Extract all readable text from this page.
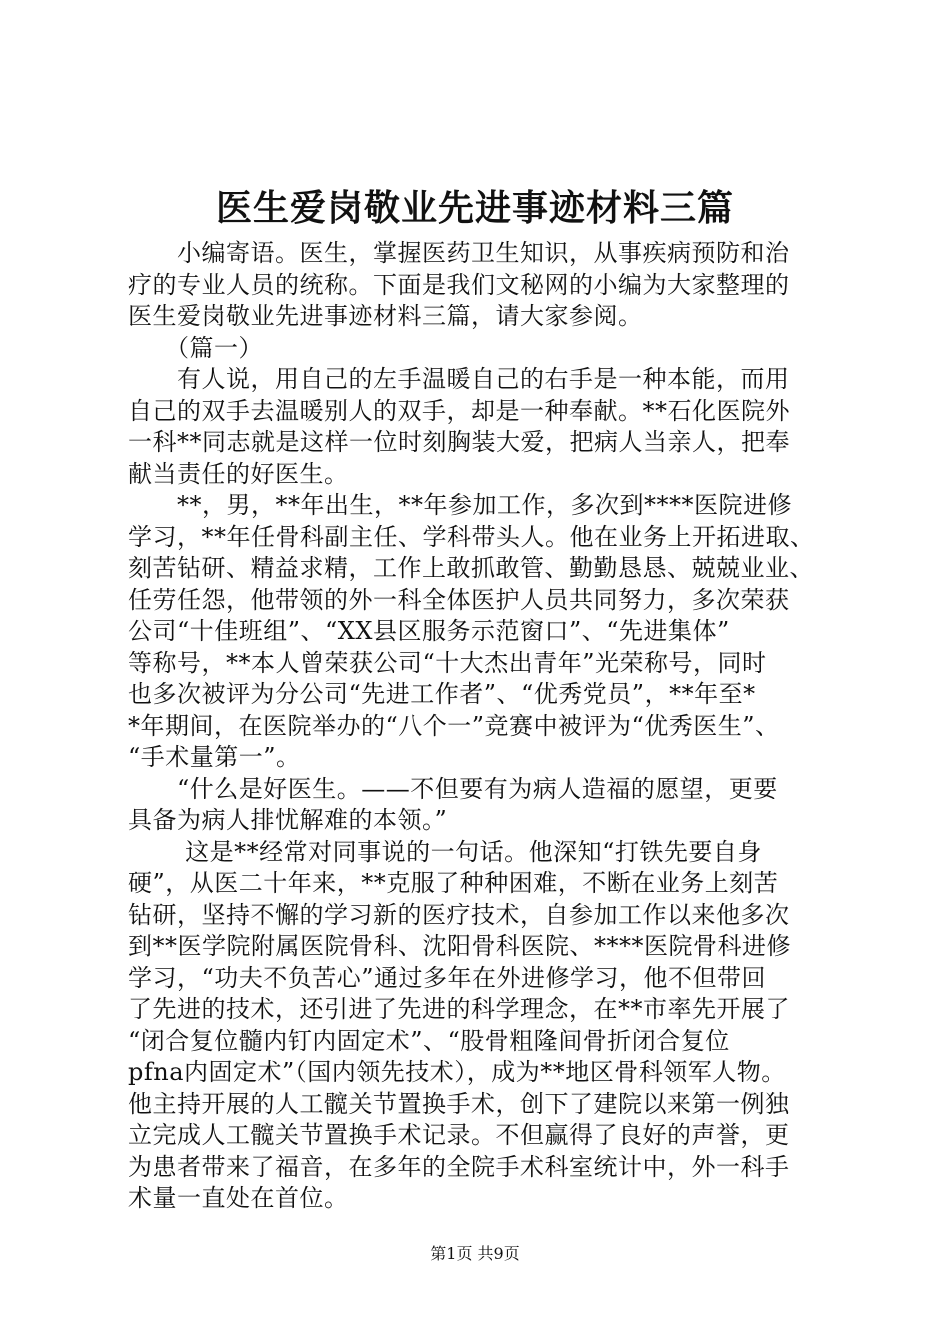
医生爱岗敬业先进事迹材料三篇
　　小编寄语。医生，掌握医药卫生知识，从事疾病预防和治
疗的专业人员的统称。下面是我们文秘网的小编为大家整理的
医生爱岗敬业先进事迹材料三篇，请大家参阅。
　　（篇一）
　　有人说，用自己的左手温暖自己的右手是一种本能，而用
自己的双手去温暖别人的双手，却是一种奉献。**石化医院外
一科**同志就是这样一位时刻胸装大爱，把病人当亲人，把奉
献当责任的好医生。
　　**，男，**年出生，**年参加工作，多次到****医院进修
学习，**年任骨科副主任、学科带头人。他在业务上开拓进取、
刻苦钻研、精益求精，工作上敢抓敢管、勤勤恳恳、兢兢业业、
任劳任怨，他带领的外一科全体医护人员共同努力，多次荣获
公司“十佳班组”、“XX县区服务示范窗口”、“先进集体”
等称号，**本人曾荣获公司“十大杰出青年”光荣称号，同时
也多次被评为分公司“先进工作者”、“优秀党员”，**年至*
*年期间，在医院举办的“八个一”竞赛中被评为“优秀医生”、
“手术量第一”。
　　“什么是好医生。——不但要有为病人造福的愿望，更要
具备为病人排忧解难的本领。”
　　 这是**经常对同事说的一句话。他深知“打铁先要自身
硬”，从医二十年来，**克服了种种困难，不断在业务上刻苦
钻研，坚持不懈的学习新的医疗技术，自参加工作以来他多次
到**医学院附属医院骨科、沈阳骨科医院、****医院骨科进修
学习，“功夫不负苦心”通过多年在外进修学习，他不但带回
了先进的技术，还引进了先进的科学理念，在**市率先开展了
“闭合复位髓内钉内固定术”、“股骨粗隆间骨折闭合复位
pfna内固定术”（国内领先技术），成为**地区骨科领军人物。
他主持开展的人工髋关节置换手术，创下了建院以来第一例独
立完成人工髋关节置换手术记录。不但赢得了良好的声誉，更
为患者带来了福音，在多年的全院手术科室统计中，外一科手
术量一直处在首位。
第1页 共9页
